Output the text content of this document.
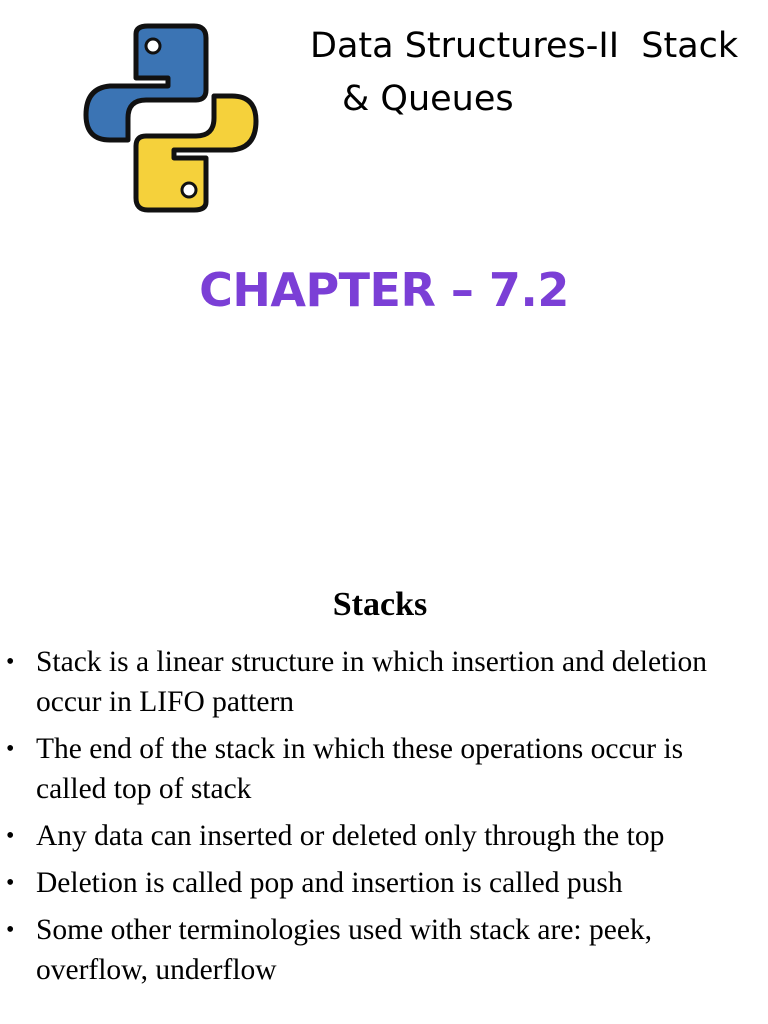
Data Structures-II  Stack
& Queues
CHAPTER – 7.2
Stacks
• Stack is a linear structure in which insertion and deletion occur in LIFO pattern
• The end of the stack in which these operations occur is called top of stack
• Any data can inserted or deleted only through the top
• Deletion is called pop and insertion is called push
• Some other terminologies used with stack are: peek, overflow, underflow
